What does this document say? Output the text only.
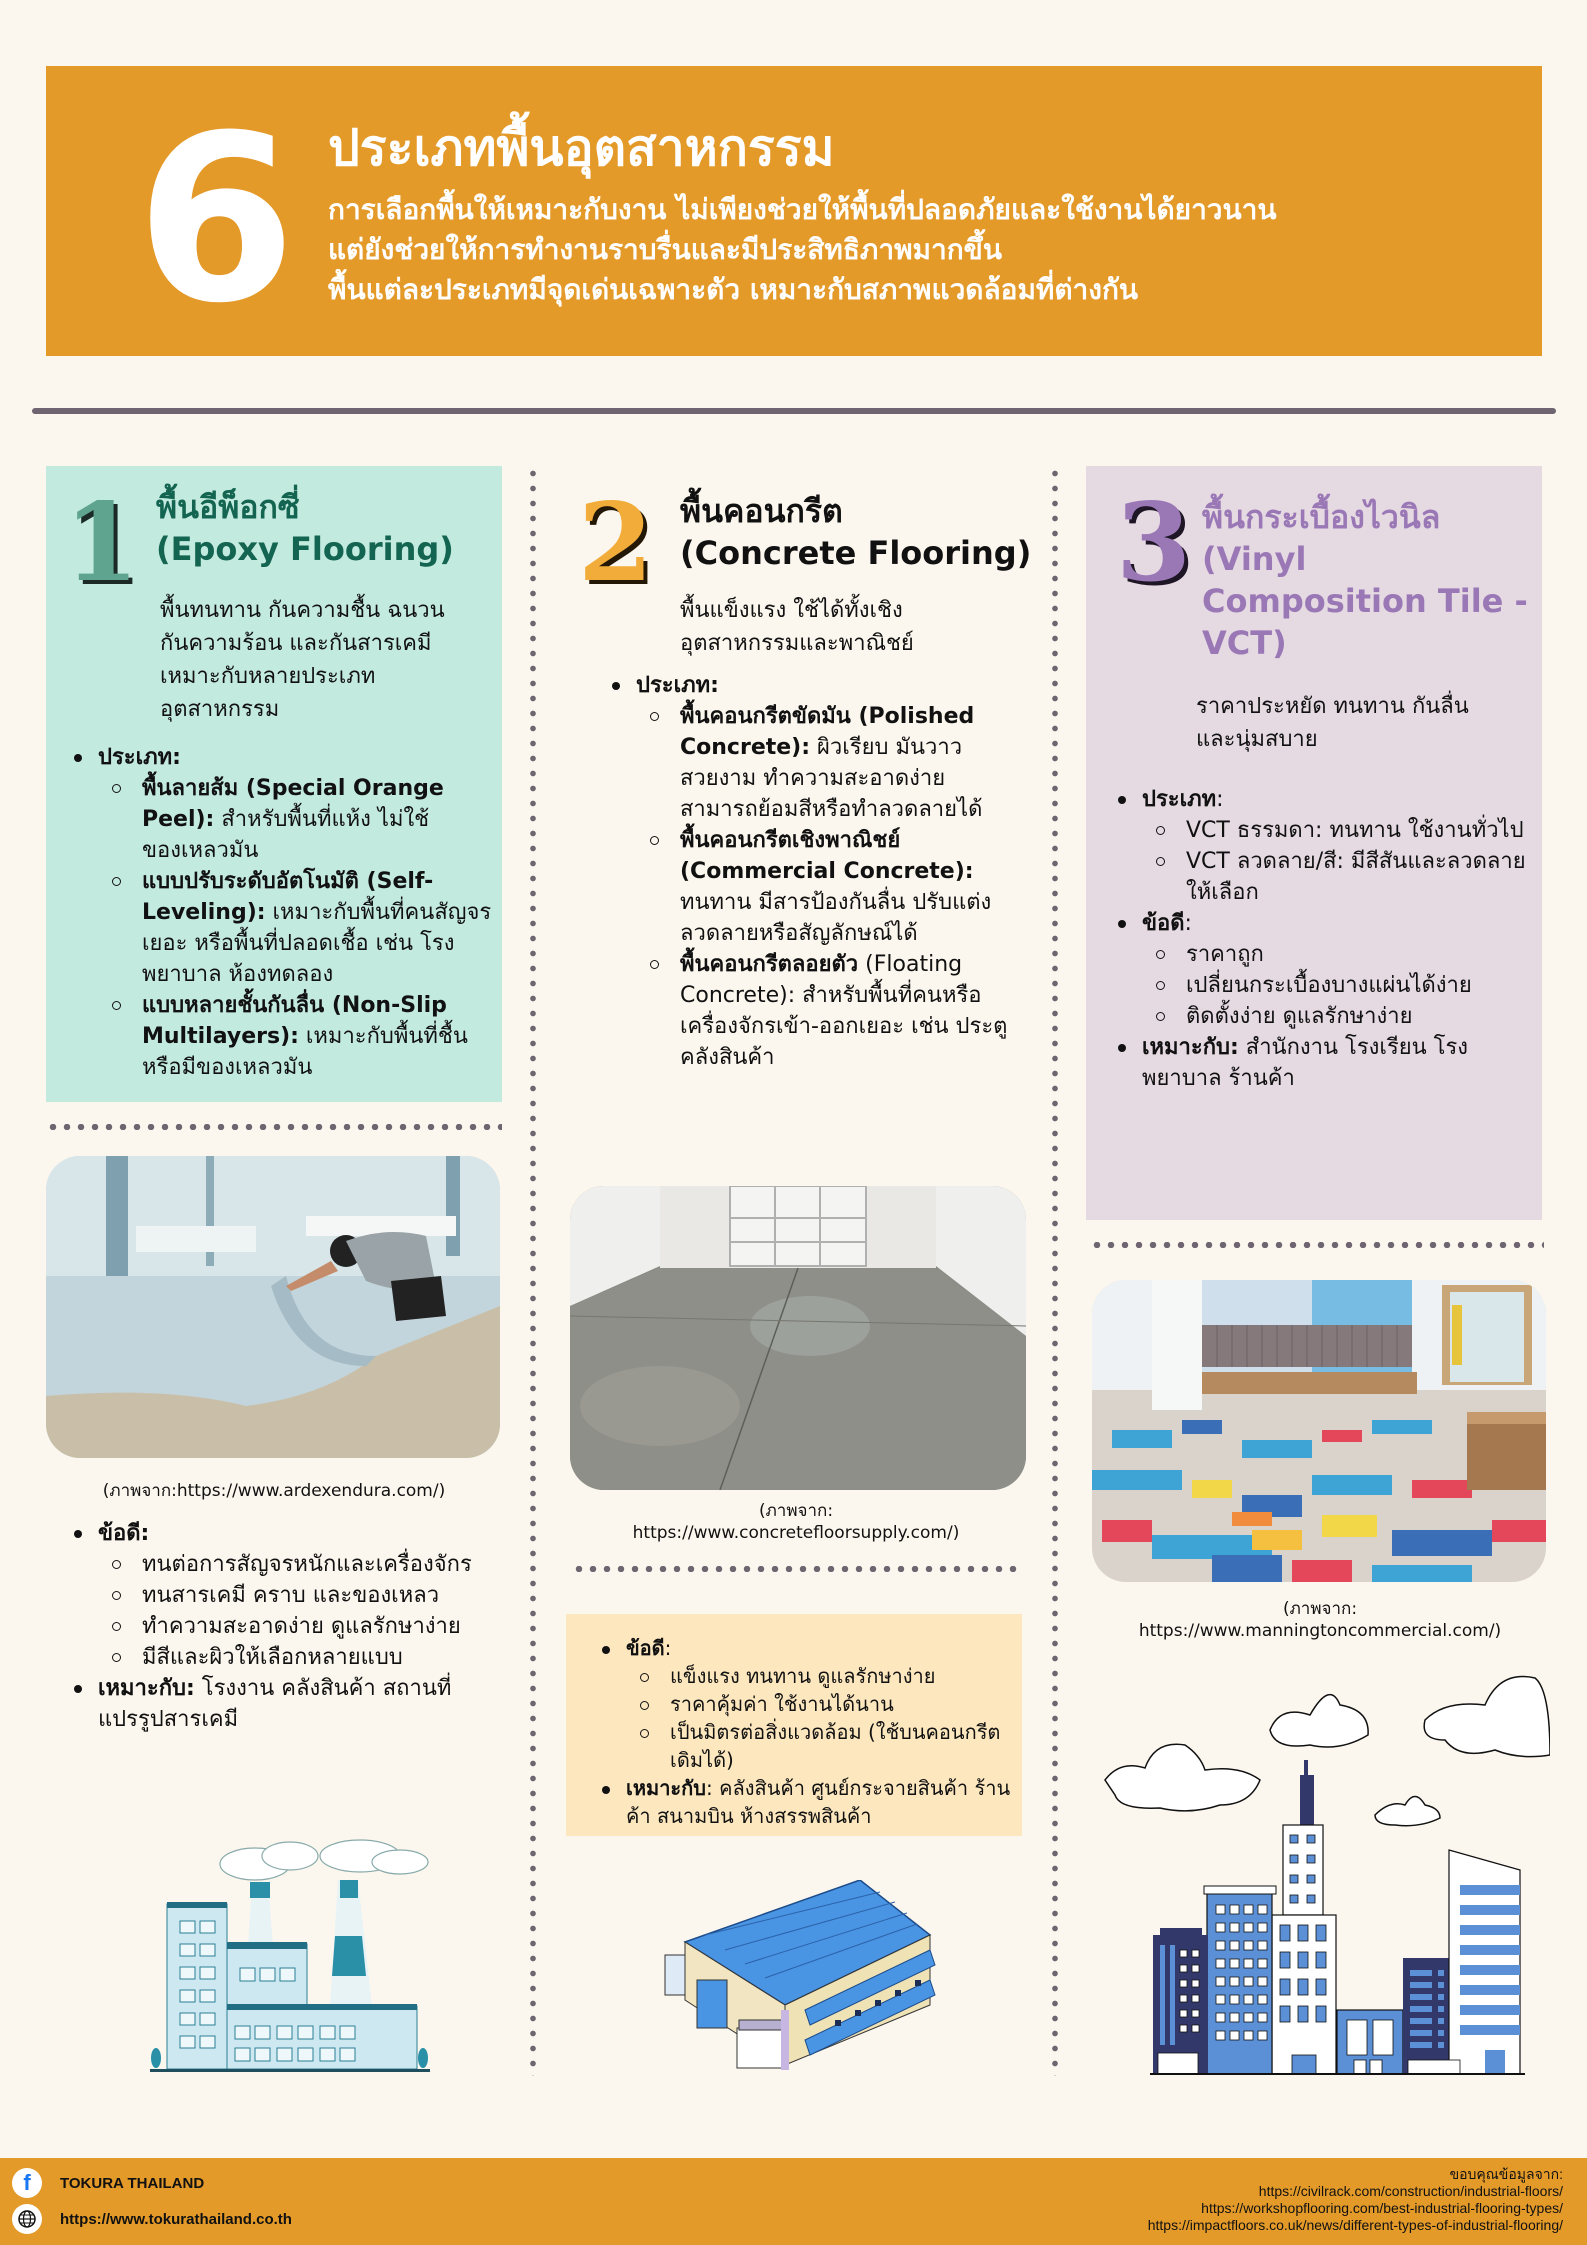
6 ประเภทพื้นอุตสาหกรรม
การเลือกพื้นให้เหมาะกับงาน ไม่เพียงช่วยให้พื้นที่ปลอดภัยและใช้งานได้ยาวนาน
แต่ยังช่วยให้การทำงานราบรื่นและมีประสิทธิภาพมากขึ้น
พื้นแต่ละประเภทมีจุดเด่นเฉพาะตัว เหมาะกับสภาพแวดล้อมที่ต่างกัน
1 พื้นอีพ็อกซี่
(Epoxy Flooring)
พื้นทนทาน กันความชื้น ฉนวน
กันความร้อน และกันสารเคมี
เหมาะกับหลายประเภท
อุตสาหกรรม
ประเภท:
พื้นลายส้ม (Special Orange Peel): สำหรับพื้นที่แห้ง ไม่ใช้ของเหลวมัน
แบบปรับระดับอัตโนมัติ (Self-Leveling): เหมาะกับพื้นที่คนสัญจรเยอะ หรือพื้นที่ปลอดเชื้อ เช่น โรงพยาบาล ห้องทดลอง
แบบหลายชั้นกันลื่น (Non-Slip Multilayers): เหมาะกับพื้นที่ชื้น หรือมีของเหลวมัน
(ภาพจาก:https://www.ardexendura.com/)
ข้อดี:
ทนต่อการสัญจรหนักและเครื่องจักร
ทนสารเคมี คราบ และของเหลว
ทำความสะอาดง่าย ดูแลรักษาง่าย
มีสีและผิวให้เลือกหลายแบบ
เหมาะกับ: โรงงาน คลังสินค้า สถานที่แปรรูปสารเคมี
2 พื้นคอนกรีต
(Concrete Flooring)
พื้นแข็งแรง ใช้ได้ทั้งเชิง
อุตสาหกรรมและพาณิชย์
ประเภท:
พื้นคอนกรีตขัดมัน (Polished Concrete): ผิวเรียบ มันวาว สวยงาม ทำความสะอาดง่าย สามารถย้อมสีหรือทำลวดลายได้
พื้นคอนกรีตเชิงพาณิชย์ (Commercial Concrete): ทนทาน มีสารป้องกันลื่น ปรับแต่งลวดลายหรือสัญลักษณ์ได้
พื้นคอนกรีตลอยตัว (Floating Concrete): สำหรับพื้นที่คนหรือเครื่องจักรเข้า-ออกเยอะ เช่น ประตูคลังสินค้า
(ภาพจาก:
https://www.concretefloorsupply.com/)
ข้อดี:
แข็งแรง ทนทาน ดูแลรักษาง่าย
ราคาคุ้มค่า ใช้งานได้นาน
เป็นมิตรต่อสิ่งแวดล้อม (ใช้บนคอนกรีตเดิมได้)
เหมาะกับ: คลังสินค้า ศูนย์กระจายสินค้า ร้านค้า สนามบิน ห้างสรรพสินค้า
3 พื้นกระเบื้องไวนิล
(Vinyl
Composition Tile -
VCT)
ราคาประหยัด ทนทาน กันลื่น
และนุ่มสบาย
ประเภท:
VCT ธรรมดา: ทนทาน ใช้งานทั่วไป
VCT ลวดลาย/สี: มีสีสันและลวดลายให้เลือก
ข้อดี:
ราคาถูก
เปลี่ยนกระเบื้องบางแผ่นได้ง่าย
ติดตั้งง่าย ดูแลรักษาง่าย
เหมาะกับ: สำนักงาน โรงเรียน โรงพยาบาล ร้านค้า
(ภาพจาก:
https://www.manningtoncommercial.com/)
f TOKURA THAILAND
https://www.tokurathailand.co.th
ขอบคุณข้อมูลจาก:
https://civilrack.com/construction/industrial-floors/
https://workshopflooring.com/best-industrial-flooring-types/
https://impactfloors.co.uk/news/different-types-of-industrial-flooring/
